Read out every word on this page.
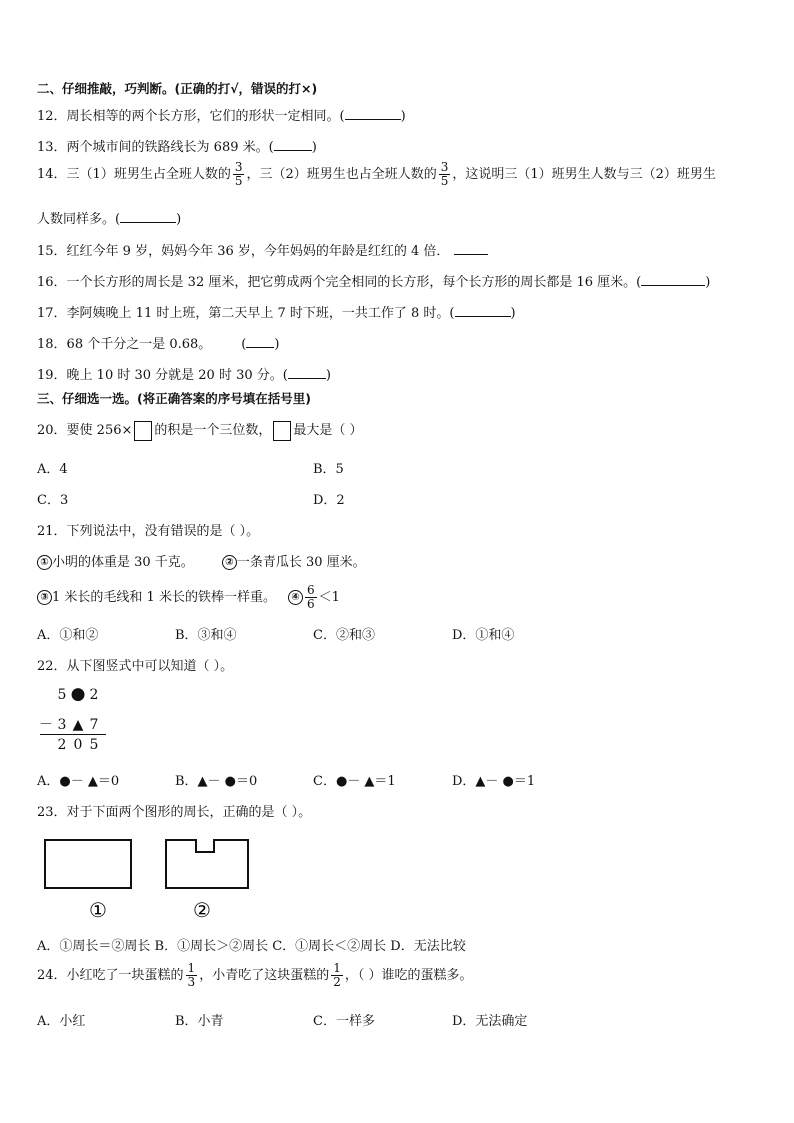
二、仔细推敲，巧判断。(正确的打√，错误的打×)
12．周长相等的两个长方形，它们的形状一定相同。(	)
13．两个城市间的铁路线长为 689 米。(	)
14．三（1）班男生占全班人数的 $\frac{3}{5}$ ，三（2）班男生也占全班人数的 $\frac{3}{5}$ ，这说明三（1）班男生人数与三（2）班男生
人数同样多。(	)
15．红红今年 9 岁，妈妈今年 36 岁，今年妈妈的年龄是红红的 4 倍．
16．一个长方形的周长是 32 厘米，把它剪成两个完全相同的长方形，每个长方形的周长都是 16 厘米。(	)
17．李阿姨晚上 11 时上班，第二天早上 7 时下班，一共工作了 8 时。(	)
18．68 个千分之一是 0.68。 ( )
19．晚上 10 时 30 分就是 20 时 30 分。(	)
三、仔细选一选。(将正确答案的序号填在括号里)
20．要使 256× 的积是一个三位数， 最大是（ ）
A．4	B．5
C．3	D．2
21．下列说法中，没有错误的是（ ）。
① 小明的体重是 30 千克。	② 一条青瓜长 30 厘米。
③ 1 米长的毛线和 1 米长的铁棒一样重。 ④ $\frac{6}{6} <1$
A．①和②	B．③和④	C．②和③	D．①和④
22．从下图竖式中可以知道（ ）。
5 ● 2
－ 3 ▲ 7
2 0 5
A．●－ ▲＝0	B．▲－ ●＝0	C．●－ ▲＝1	D．▲－ ●＝1
23．对于下面两个图形的周长，正确的是（ ）。
①	②
A．①周长＝②周长 B．①周长＞②周长 C．①周长＜②周长 D．无法比较
24．小红吃了一块蛋糕的 $\frac{1}{3}$ ，小青吃了这块蛋糕的 $\frac{1}{2}$ ，（ ）谁吃的蛋糕多。
A．小红	B．小青	C．一样多	D．无法确定
